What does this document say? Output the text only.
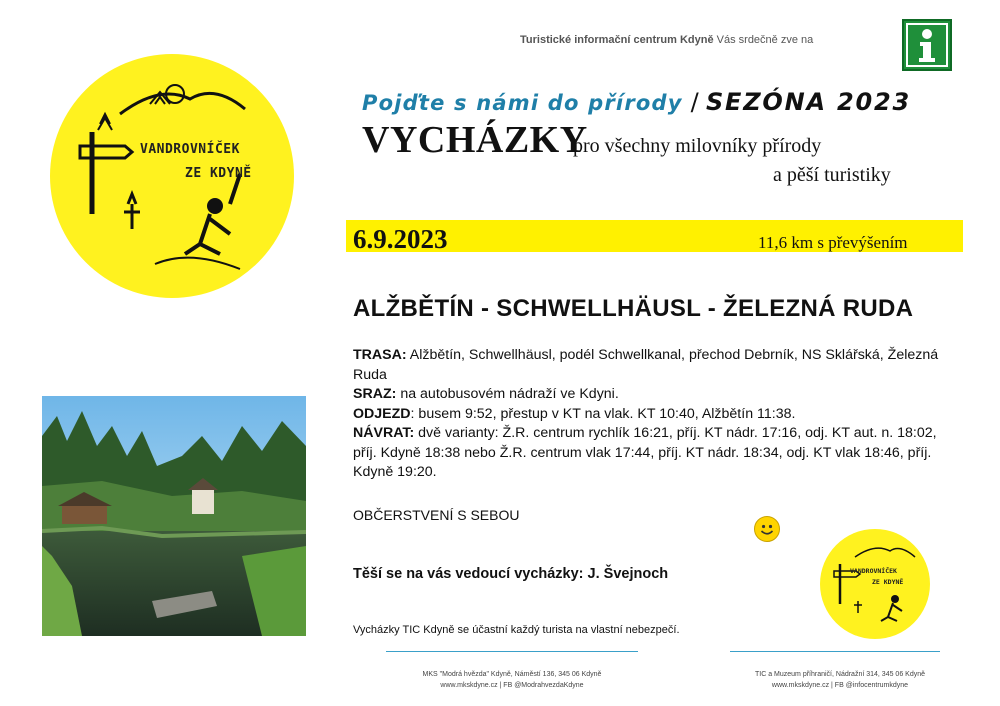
Turistické informační centrum Kdyně Vás srdečně zve na
VANDROVNÍČEK
ZE KDYNĚ
Pojďte s námi do přírody / SEZÓNA 2023
VYCHÁZKY
pro všechny milovníky přírody
a pěší turistiky
6.9.2023	11,6 km s převýšením
ALŽBĚTÍN - SCHWELLHÄUSL - ŽELEZNÁ RUDA
TRASA: Alžbětín, Schwellhäusl, podél Schwellkanal, přechod Debrník, NS Sklářská, Železná Ruda
SRAZ: na autobusovém nádraží ve Kdyni.
ODJEZD: busem 9:52, přestup v KT na vlak. KT 10:40, Alžbětín 11:38.
NÁVRAT: dvě varianty: Ž.R. centrum rychlík 16:21, příj. KT nádr. 17:16, odj. KT aut. n. 18:02, příj. Kdyně 18:38 nebo Ž.R. centrum vlak 17:44, příj. KT nádr. 18:34, odj. KT vlak 18:46, příj. Kdyně 19:20.
OBČERSTVENÍ S SEBOU
Těší se na vás vedoucí vycházky: J. Švejnoch
Vycházky TIC Kdyně se účastní každý turista na vlastní nebezpečí.
VANDROVNÍČEK
ZE KDYNĚ
MKS "Modrá hvězda" Kdyně, Náměstí 136, 345 06 Kdyně
www.mkskdyne.cz | FB @ModrahvezdaKdyne
TIC a Muzeum příhraničí, Nádražní 314, 345 06 Kdyně
www.mkskdyne.cz | FB @infocentrumkdyne
